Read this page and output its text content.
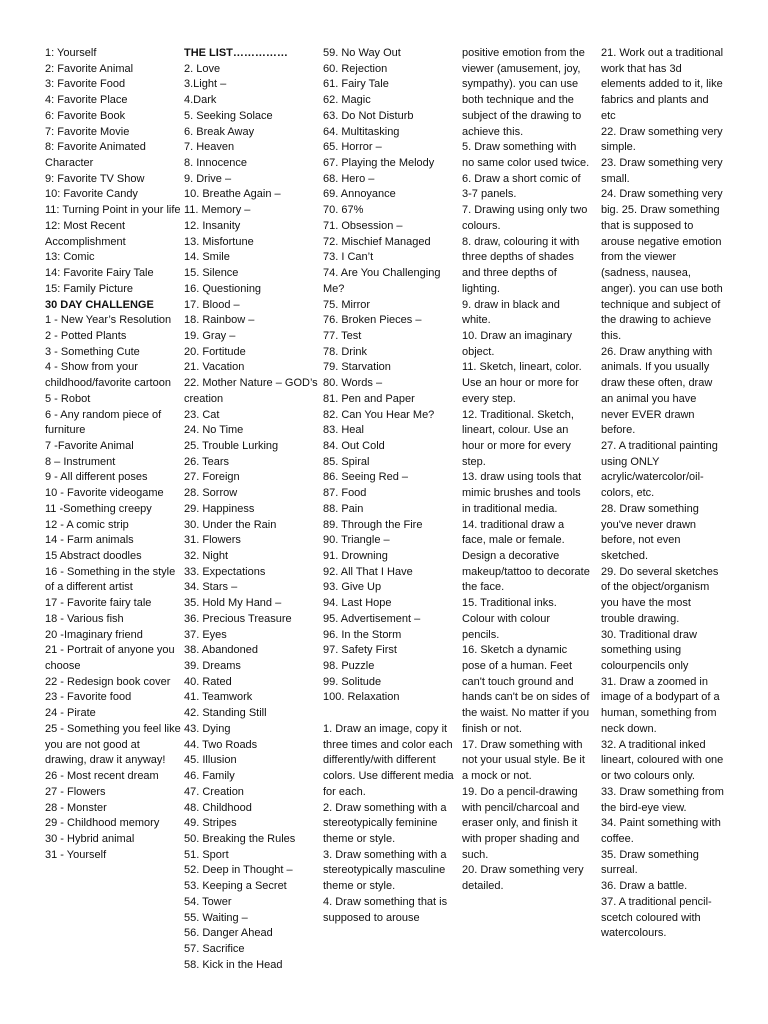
1: Yourself
2: Favorite Animal
3: Favorite Food
4: Favorite Place
6: Favorite Book
7: Favorite Movie
8: Favorite Animated Character
9: Favorite TV Show
10: Favorite Candy
11: Turning Point in your life
12: Most Recent Accomplishment
13: Comic
14: Favorite Fairy Tale
15: Family Picture
30 DAY CHALLENGE
1 - New Year’s Resolution
2 - Potted Plants
3 - Something Cute
4 - Show from your childhood/favorite cartoon
5 - Robot
6 - Any random piece of furniture
7 -Favorite Animal
8 – Instrument
9 - All different poses
10 - Favorite videogame
11 -Something creepy
12 - A comic strip
14 - Farm animals
15 Abstract doodles
16 - Something in the style of a different artist
17 - Favorite fairy tale
18 - Various fish
20 -Imaginary friend
21 - Portrait of anyone you choose
22 - Redesign book cover
23 - Favorite food
24 - Pirate
25 - Something you feel like you are not good at drawing, draw it anyway!
26 - Most recent dream
27 - Flowers
28 - Monster
29 - Childhood memory
30 - Hybrid animal
31 - Yourself
THE LIST……………
2. Love
3.Light –
4.Dark
5. Seeking Solace
6. Break Away
7. Heaven
8. Innocence
9. Drive –
10. Breathe Again –
11. Memory –
12. Insanity
13. Misfortune
14. Smile
15. Silence
16. Questioning
17. Blood –
18. Rainbow –
19. Gray –
20. Fortitude
21. Vacation
22. Mother Nature – GOD’s creation
23. Cat
24. No Time
25. Trouble Lurking
26. Tears
27. Foreign
28. Sorrow
29. Happiness
30. Under the Rain
31. Flowers
32. Night
33. Expectations
34. Stars –
35. Hold My Hand –
36. Precious Treasure
37. Eyes
38. Abandoned
39. Dreams
40. Rated
41. Teamwork
42. Standing Still
43. Dying
44. Two Roads
45. Illusion
46. Family
47. Creation
48. Childhood
49. Stripes
50. Breaking the Rules
51. Sport
52. Deep in Thought –
53. Keeping a Secret
54. Tower
55. Waiting –
56. Danger Ahead
57. Sacrifice
58. Kick in the Head
59. No Way Out
60. Rejection
61. Fairy Tale
62. Magic
63. Do Not Disturb
64. Multitasking
65. Horror –
67. Playing the Melody
68. Hero –
69. Annoyance
70. 67%
71. Obsession –
72. Mischief Managed
73. I Can’t
74. Are You Challenging Me?
75. Mirror
76. Broken Pieces –
77. Test
78. Drink
79. Starvation
80. Words –
81. Pen and Paper
82. Can You Hear Me?
83. Heal
84. Out Cold
85. Spiral
86. Seeing Red –
87. Food
88. Pain
89. Through the Fire
90. Triangle –
91. Drowning
92. All That I Have
93. Give Up
94. Last Hope
95. Advertisement –
96. In the Storm
97. Safety First
98. Puzzle
99. Solitude
100. Relaxation
1. Draw an image, copy it three times and color each differently/with different colors. Use different media for each.
2. Draw something with a stereotypically feminine theme or style.
3. Draw something with a stereotypically masculine theme or style.
4. Draw something that is supposed to arouse
positive emotion from the viewer (amusement, joy, sympathy). you can use both technique and the subject of the drawing to achieve this.
5. Draw something with no same color used twice.
6. Draw a short comic of 3-7 panels.
7. Drawing using only two colours.
8. draw, colouring it with three depths of shades and three depths of lighting.
9. draw in black and white.
10. Draw an imaginary object.
11. Sketch, lineart, color. Use an hour or more for every step.
12. Traditional. Sketch, lineart, colour. Use an hour or more for every step.
13. draw using tools that mimic brushes and tools in traditional media.
14. traditional draw a face, male or female. Design a decorative makeup/tattoo to decorate the face.
15. Traditional inks. Colour with colour pencils.
16. Sketch a dynamic pose of a human. Feet can't touch ground and hands can't be on sides of the waist. No matter if you finish or not.
17. Draw something with not your usual style. Be it a mock or not.
19. Do a pencil-drawing with pencil/charcoal and eraser only, and finish it with proper shading and such.
20. Draw something very detailed.
21. Work out a traditional work that has 3d elements added to it, like fabrics and plants and etc
22. Draw something very simple.
23. Draw something very small.
24. Draw something very big. 25. Draw something that is supposed to arouse negative emotion from the viewer (sadness, nausea, anger). you can use both technique and subject of the drawing to achieve this.
26. Draw anything with animals. If you usually draw these often, draw an animal you have never EVER drawn before.
27. A traditional painting using ONLY acrylic/watercolor/oil-colors, etc.
28. Draw something you've never drawn before, not even sketched.
29. Do several sketches of the object/organism you have the most trouble drawing.
30. Traditional draw something using colourpencils only
31. Draw a zoomed in image of a bodypart of a human, something from neck down.
32. A traditional inked lineart, coloured with one or two colours only.
33. Draw something from the bird-eye view.
34. Paint something with coffee.
35. Draw something surreal.
36. Draw a battle.
37. A traditional pencil-scetch coloured with watercolours.
